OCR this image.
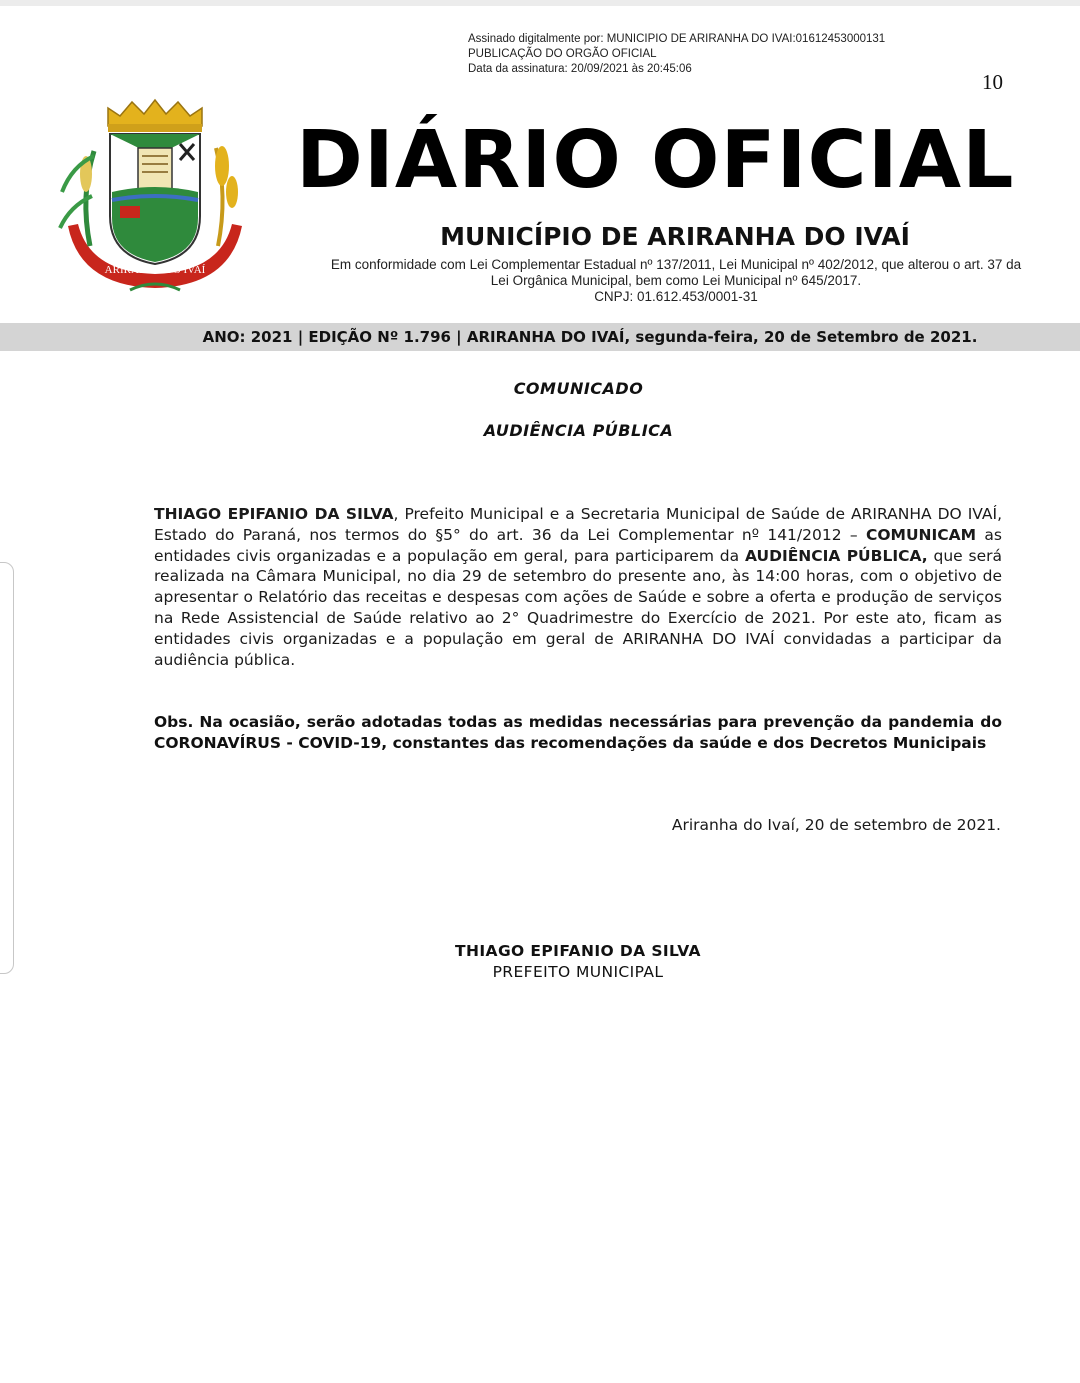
Assinado digitalmente por: MUNICIPIO DE ARIRANHA DO IVAI:01612453000131
PUBLICAÇÃO DO ORGÃO OFICIAL
Data da assinatura: 20/09/2021 às 20:45:06
10
ARIRANHA DO IVAÍ
DIÁRIO OFICIAL
MUNICÍPIO DE ARIRANHA DO IVAÍ
Em conformidade com Lei Complementar Estadual nº 137/2011, Lei Municipal nº 402/2012, que alterou o art. 37 da
Lei Orgânica Municipal, bem como Lei Municipal nº 645/2017.
CNPJ: 01.612.453/0001-31
ANO: 2021 | EDIÇÃO Nº 1.796 | ARIRANHA DO IVAÍ, segunda-feira, 20 de Setembro de 2021.
COMUNICADO
AUDIÊNCIA PÚBLICA
THIAGO EPIFANIO DA SILVA, Prefeito Municipal e a Secretaria Municipal de Saúde de ARIRANHA DO IVAÍ, Estado do Paraná, nos termos do §5° do art. 36 da Lei Complementar nº 141/2012 – COMUNICAM as entidades civis organizadas e a população em geral, para participarem da AUDIÊNCIA PÚBLICA, que será realizada na Câmara Municipal, no dia 29 de setembro do presente ano, às 14:00 horas, com o objetivo de apresentar o Relatório das receitas e despesas com ações de Saúde e sobre a oferta e produção de serviços na Rede Assistencial de Saúde relativo ao 2° Quadrimestre do Exercício de 2021. Por este ato, ficam as entidades civis organizadas e a população em geral de ARIRANHA DO IVAÍ convidadas a participar da audiência pública.
Obs. Na ocasião, serão adotadas todas as medidas necessárias para prevenção da pandemia do CORONAVÍRUS - COVID-19, constantes das recomendações da saúde e dos Decretos Municipais
Ariranha do Ivaí, 20 de setembro de 2021.
THIAGO EPIFANIO DA SILVA
PREFEITO MUNICIPAL
